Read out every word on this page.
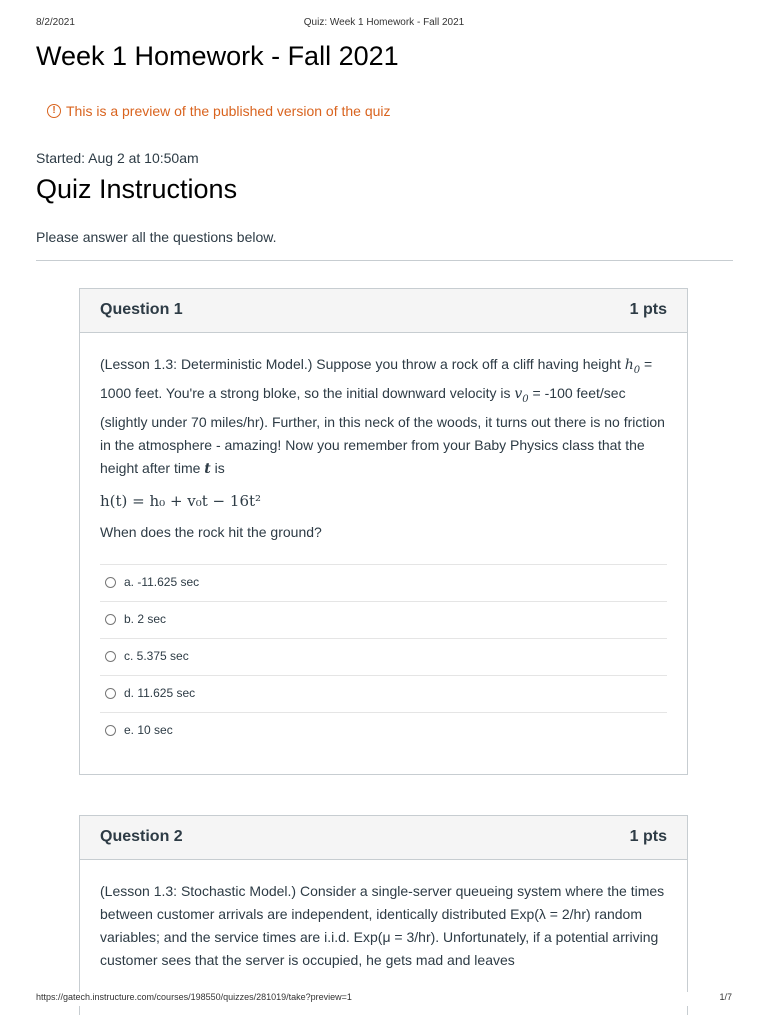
8/2/2021	Quiz: Week 1 Homework - Fall 2021
Week 1 Homework - Fall 2021
! This is a preview of the published version of the quiz
Started: Aug 2 at 10:50am
Quiz Instructions
Please answer all the questions below.
Question 1	1 pts
(Lesson 1.3: Deterministic Model.) Suppose you throw a rock off a cliff having height $h_0 = 1000$ feet. You're a strong bloke, so the initial downward velocity is $v_0 = -100$ feet/sec (slightly under 70 miles/hr). Further, in this neck of the woods, it turns out there is no friction in the atmosphere - amazing! Now you remember from your Baby Physics class that the height after time t is
h(t) = h₀ + v₀t − 16t²
When does the rock hit the ground?
a. -11.625 sec
b. 2 sec
c. 5.375 sec
d. 11.625 sec
e. 10 sec
Question 2	1 pts
(Lesson 1.3: Stochastic Model.) Consider a single-server queueing system where the times between customer arrivals are independent, identically distributed Exp(λ = 2/hr) random variables; and the service times are i.i.d. Exp(μ = 3/hr). Unfortunately, if a potential arriving customer sees that the server is occupied, he gets mad and leaves
https://gatech.instructure.com/courses/198550/quizzes/281019/take?preview=1	1/7
